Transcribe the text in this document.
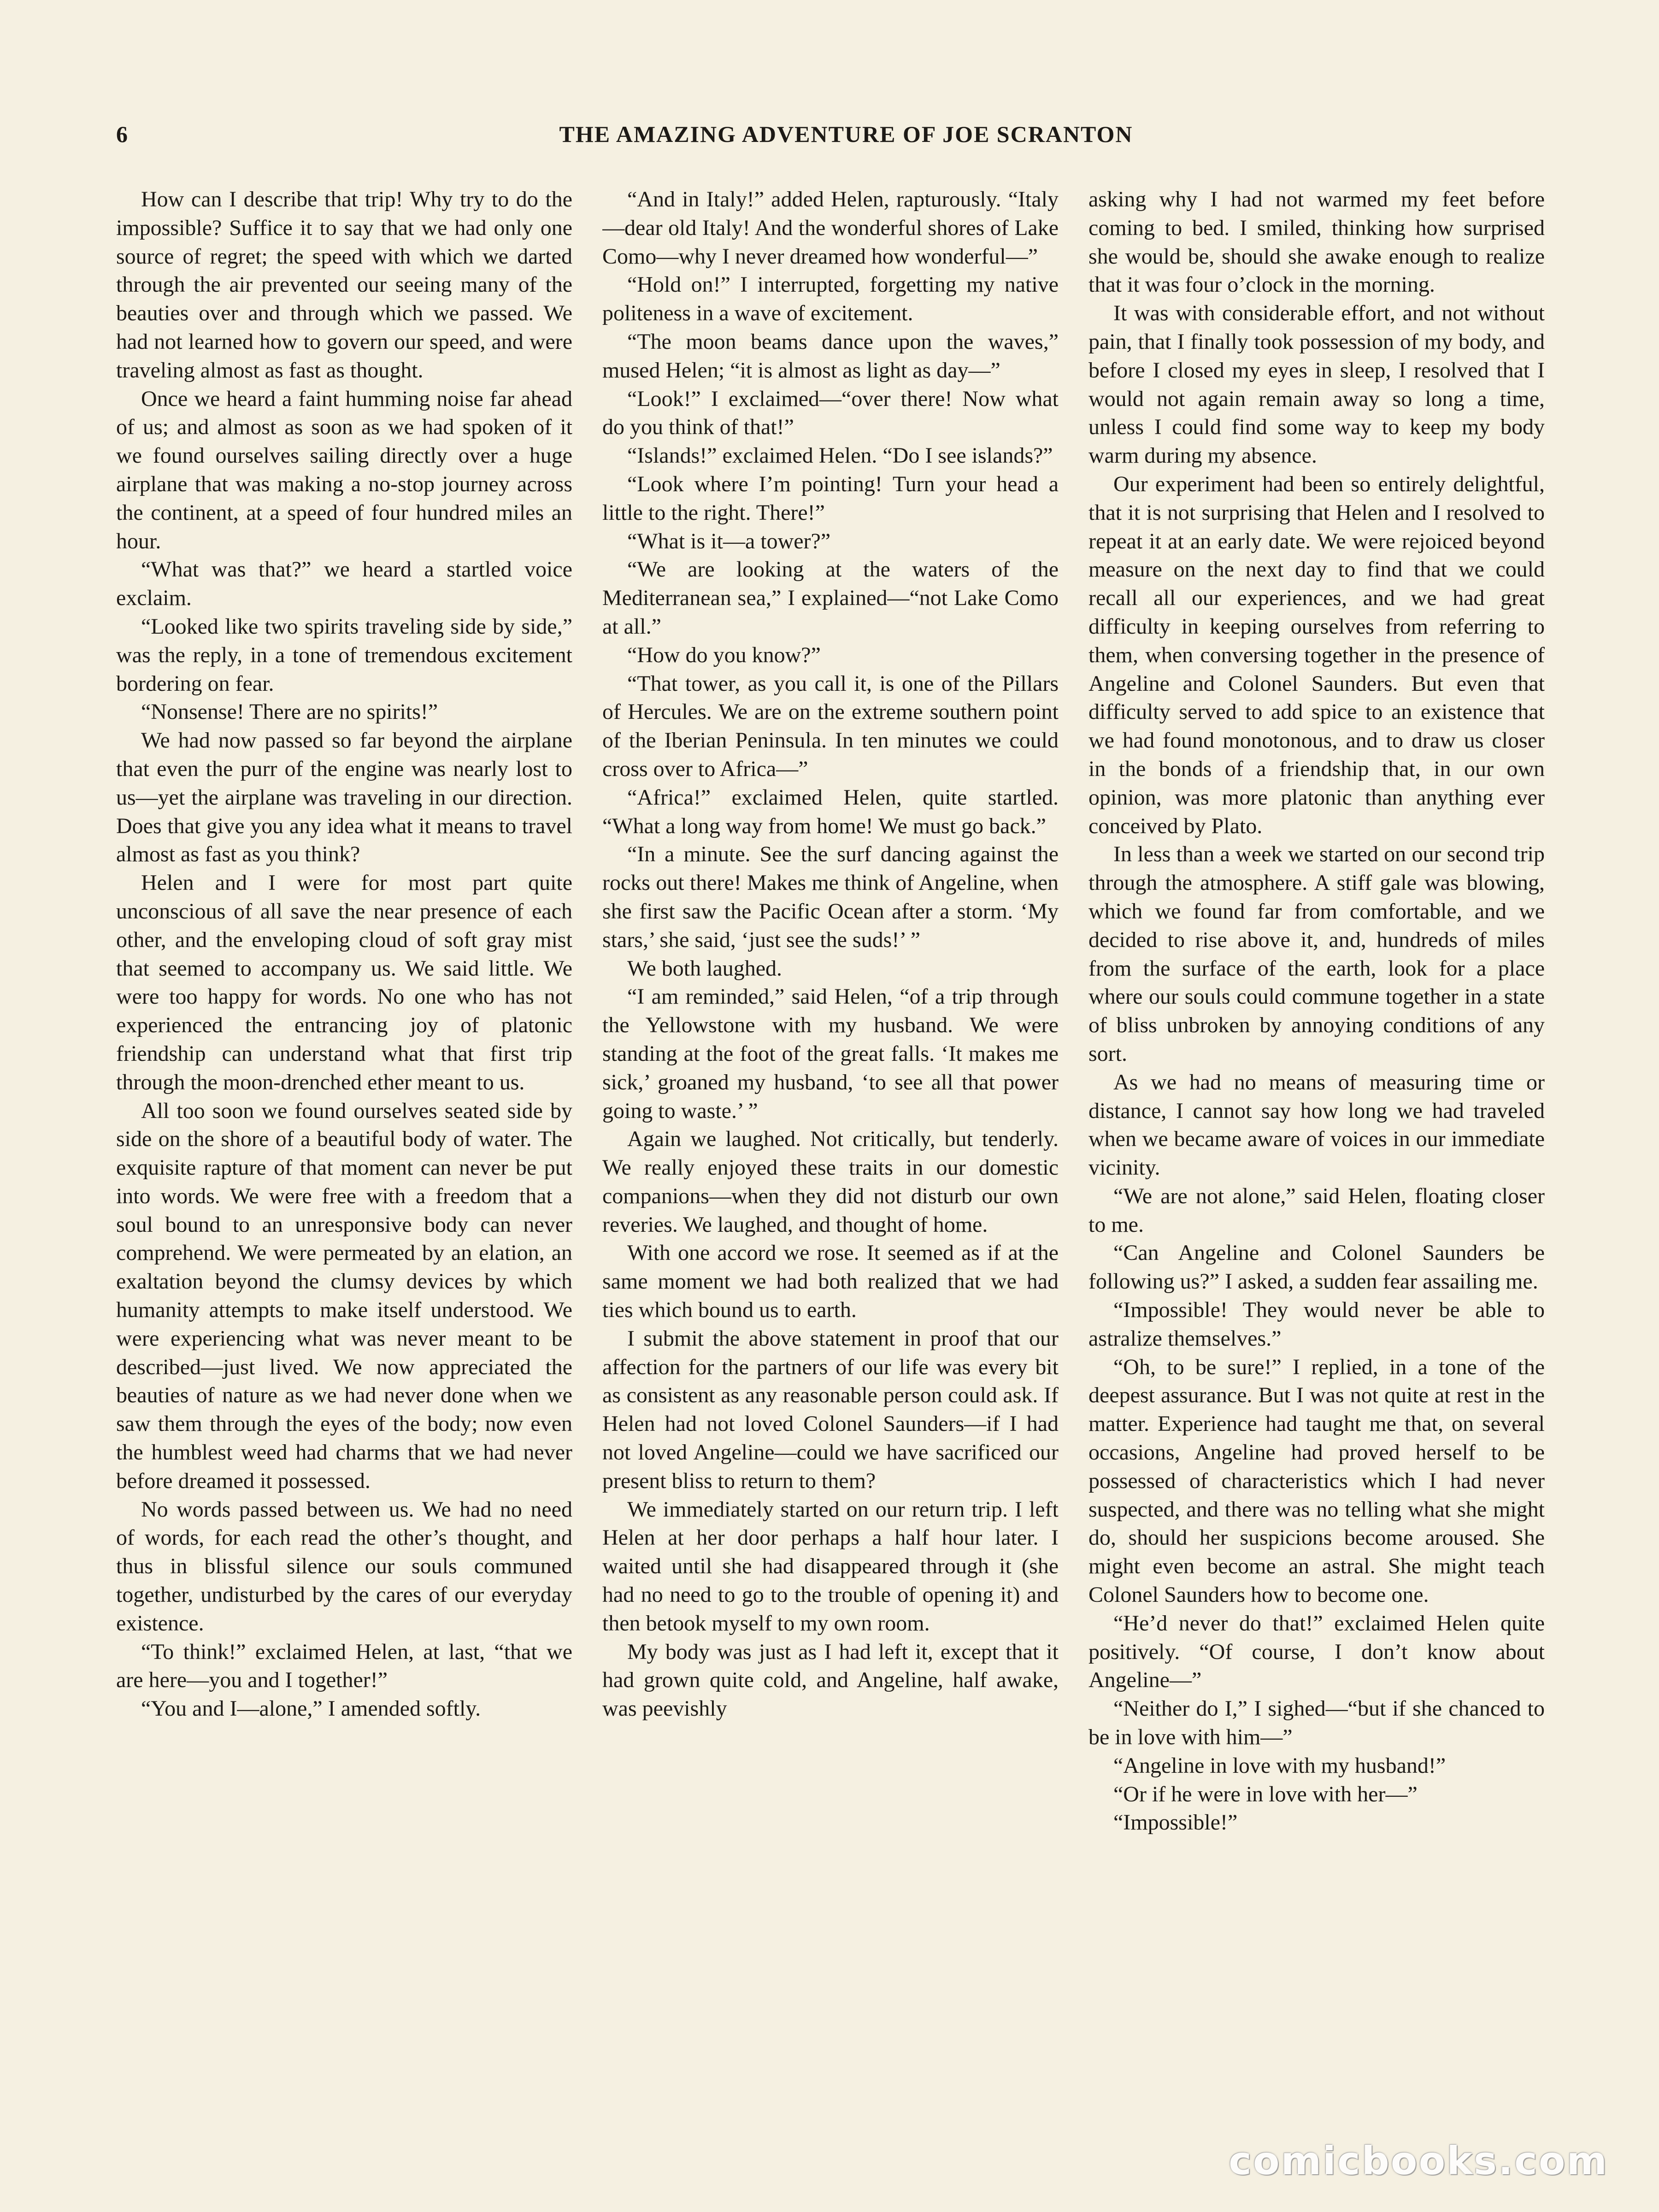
6	THE AMAZING ADVENTURE OF JOE SCRANTON

How can I describe that trip! Why try to do the impossible? Suffice it to say that we had only one source of regret; the speed with which we darted through the air prevented our seeing many of the beauties over and through which we passed. We had not learned how to govern our speed, and were traveling almost as fast as thought.

Once we heard a faint humming noise far ahead of us; and almost as soon as we had spoken of it we found ourselves sailing directly over a huge airplane that was making a no-stop journey across the continent, at a speed of four hundred miles an hour.

“What was that?” we heard a startled voice exclaim.

“Looked like two spirits traveling side by side,” was the reply, in a tone of tremendous excitement bordering on fear.

“Nonsense! There are no spirits!”

We had now passed so far beyond the airplane that even the purr of the engine was nearly lost to us—yet the airplane was traveling in our direction. Does that give you any idea what it means to travel almost as fast as you think?

Helen and I were for most part quite unconscious of all save the near presence of each other, and the enveloping cloud of soft gray mist that seemed to accompany us. We said little. We were too happy for words. No one who has not experienced the entrancing joy of platonic friendship can understand what that first trip through the moon-drenched ether meant to us.

All too soon we found ourselves seated side by side on the shore of a beautiful body of water. The exquisite rapture of that moment can never be put into words. We were free with a freedom that a soul bound to an unresponsive body can never comprehend. We were permeated by an elation, an exaltation beyond the clumsy devices by which humanity attempts to make itself understood. We were experiencing what was never meant to be described—just lived. We now appreciated the beauties of nature as we had never done when we saw them through the eyes of the body; now even the humblest weed had charms that we had never before dreamed it possessed.

No words passed between us. We had no need of words, for each read the other’s thought, and thus in blissful silence our souls communed together, undisturbed by the cares of our everyday existence.

“To think!” exclaimed Helen, at last, “that we are here—you and I together!”

“You and I—alone,” I amended softly.

“And in Italy!” added Helen, rapturously. “Italy—dear old Italy! And the wonderful shores of Lake Como—why I never dreamed how wonderful—”

“Hold on!” I interrupted, forgetting my native politeness in a wave of excitement.

“The moon beams dance upon the waves,” mused Helen; “it is almost as light as day—”

“Look!” I exclaimed—“over there! Now what do you think of that!”

“Islands!” exclaimed Helen. “Do I see islands?”

“Look where I’m pointing! Turn your head a little to the right. There!”

“What is it—a tower?”

“We are looking at the waters of the Mediterranean sea,” I explained—“not Lake Como at all.”

“How do you know?”

“That tower, as you call it, is one of the Pillars of Hercules. We are on the extreme southern point of the Iberian Peninsula. In ten minutes we could cross over to Africa—”

“Africa!” exclaimed Helen, quite startled. “What a long way from home! We must go back.”

“In a minute. See the surf dancing against the rocks out there! Makes me think of Angeline, when she first saw the Pacific Ocean after a storm. ‘My stars,’ she said, ‘just see the suds!’ ”

We both laughed.

“I am reminded,” said Helen, “of a trip through the Yellowstone with my husband. We were standing at the foot of the great falls. ‘It makes me sick,’ groaned my husband, ‘to see all that power going to waste.’ ”

Again we laughed. Not critically, but tenderly. We really enjoyed these traits in our domestic companions—when they did not disturb our own reveries. We laughed, and thought of home.

With one accord we rose. It seemed as if at the same moment we had both realized that we had ties which bound us to earth.

I submit the above statement in proof that our affection for the partners of our life was every bit as consistent as any reasonable person could ask. If Helen had not loved Colonel Saunders—if I had not loved Angeline—could we have sacrificed our present bliss to return to them?

We immediately started on our return trip. I left Helen at her door perhaps a half hour later. I waited until she had disappeared through it (she had no need to go to the trouble of opening it) and then betook myself to my own room.

My body was just as I had left it, except that it had grown quite cold, and Angeline, half awake, was peevishly

asking why I had not warmed my feet before coming to bed. I smiled, thinking how surprised she would be, should she awake enough to realize that it was four o’clock in the morning.

It was with considerable effort, and not without pain, that I finally took possession of my body, and before I closed my eyes in sleep, I resolved that I would not again remain away so long a time, unless I could find some way to keep my body warm during my absence.

Our experiment had been so entirely delightful, that it is not surprising that Helen and I resolved to repeat it at an early date. We were rejoiced beyond measure on the next day to find that we could recall all our experiences, and we had great difficulty in keeping ourselves from referring to them, when conversing together in the presence of Angeline and Colonel Saunders. But even that difficulty served to add spice to an existence that we had found monotonous, and to draw us closer in the bonds of a friendship that, in our own opinion, was more platonic than anything ever conceived by Plato.

In less than a week we started on our second trip through the atmosphere. A stiff gale was blowing, which we found far from comfortable, and we decided to rise above it, and, hundreds of miles from the surface of the earth, look for a place where our souls could commune together in a state of bliss unbroken by annoying conditions of any sort.

As we had no means of measuring time or distance, I cannot say how long we had traveled when we became aware of voices in our immediate vicinity.

“We are not alone,” said Helen, floating closer to me.

“Can Angeline and Colonel Saunders be following us?” I asked, a sudden fear assailing me.

“Impossible! They would never be able to astralize themselves.”

“Oh, to be sure!” I replied, in a tone of the deepest assurance. But I was not quite at rest in the matter. Experience had taught me that, on several occasions, Angeline had proved herself to be possessed of characteristics which I had never suspected, and there was no telling what she might do, should her suspicions become aroused. She might even become an astral. She might teach Colonel Saunders how to become one.

“He’d never do that!” exclaimed Helen quite positively. “Of course, I don’t know about Angeline—”

“Neither do I,” I sighed—“but if she chanced to be in love with him—”

“Angeline in love with my husband!”

“Or if he were in love with her—”

“Impossible!”

comicbooks.com
